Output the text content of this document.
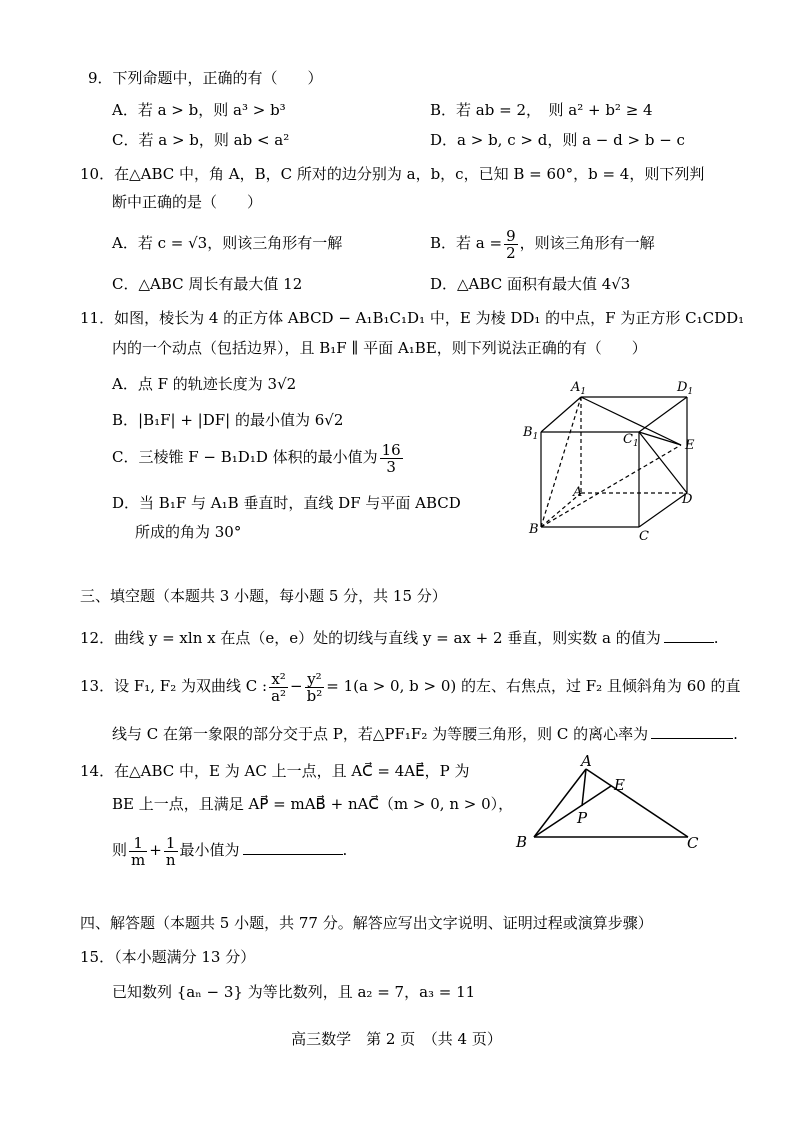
9．下列命题中，正确的有（　　）
A．若 a > b，则 a³ > b³	B．若 ab = 2，　则 a² + b² ≥ 4
C．若 a > b，则 ab < a²	D．a > b, c > d，则 a − d > b − c
10．在△ABC 中，角 A，B，C 所对的边分别为 a，b，c，已知 B = 60°，b = 4，则下列判
断中正确的是（　　）
A．若 c = √3，则该三角形有一解	B．若 $a = \frac{9}{2}$ ，则该三角形有一解
C．△ABC 周长有最大值 12	D．△ABC 面积有最大值 4√3
11．如图，棱长为 4 的正方体 ABCD − A₁B₁C₁D₁ 中，E 为棱 DD₁ 的中点，F 为正方形 C₁CDD₁
内的一个动点（包括边界），且 B₁F ∥ 平面 A₁BE，则下列说法正确的有（　　）
A．点 F 的轨迹长度为 3√2
B．|B₁F| + |DF| 的最小值为 6√2
C．三棱锥 F − B₁D₁D 体积的最小值为 $\frac{16}{3}$
D．当 B₁F 与 A₁B 垂直时，直线 DF 与平面 ABCD
所成的角为 30°
$A_1$	$D_1$
$B_1$	$C_1$	E
A	D
B	C
三、填空题（本题共 3 小题，每小题 5 分，共 15 分）
12．曲线 y = xln x 在点（e，e）处的切线与直线 y = ax + 2 垂直，则实数 a 的值为	.
13．设 F₁, F₂ 为双曲线 C : $\frac{\text{x²}}{\text{a²}} - \frac{\text{y²}}{\text{b²}} = 1(a > 0$, b > 0) 的左、右焦点，过 F₂ 且倾斜角为 60 的直
线与 C 在第一象限的部分交于点 P，若△PF₁F₂ 为等腰三角形，则 C 的离心率为	.
14．在△ABC 中，E 为 AC 上一点，且 AC⃗ = 4AE⃗，P 为
BE 上一点，且满足 AP⃗ = mAB⃗ + nAC⃗（m > 0, n > 0），
则 $\frac{1}{m} + \frac{1}{n}$ 最小值为	.
A
E
P
B	C
四、解答题（本题共 5 小题，共 77 分。解答应写出文字说明、证明过程或演算步骤）
15．（本小题满分 13 分）
已知数列 {aₙ − 3} 为等比数列，且 a₂ = 7，a₃ = 11
高三数学　第 2 页　（共 4 页）
